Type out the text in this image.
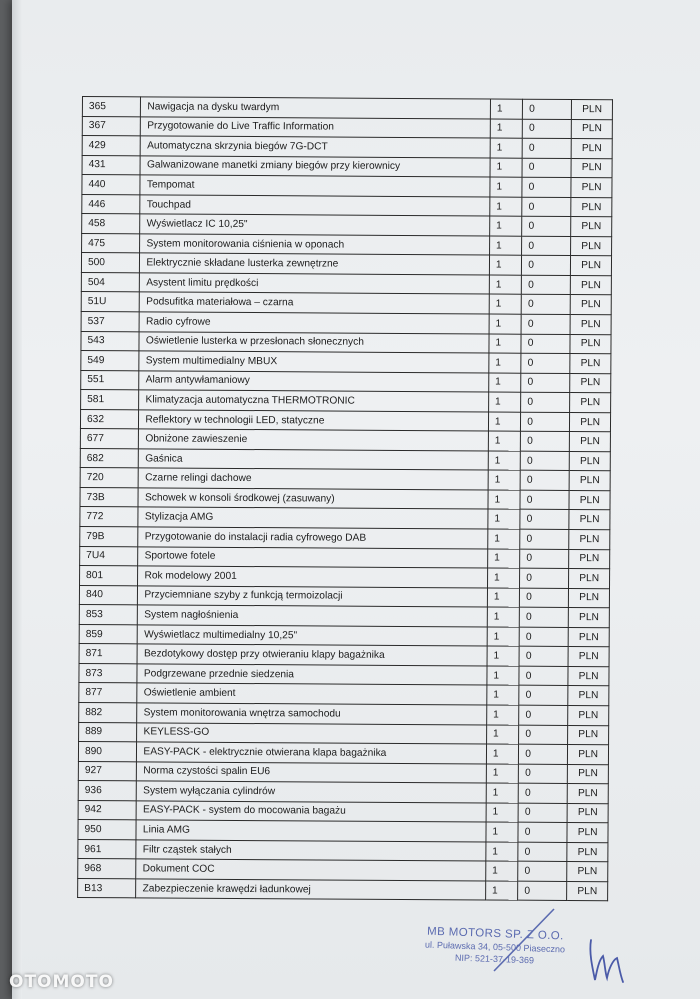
365	Nawigacja na dysku twardym	1	0	PLN
367	Przygotowanie do Live Traffic Information	1	0	PLN
429	Automatyczna skrzynia biegów 7G-DCT	1	0	PLN
431	Galwanizowane manetki zmiany biegów przy kierownicy	1	0	PLN
440	Tempomat	1	0	PLN
446	Touchpad	1	0	PLN
458	Wyświetlacz IC 10,25"	1	0	PLN
475	System monitorowania ciśnienia w oponach	1	0	PLN
500	Elektrycznie składane lusterka zewnętrzne	1	0	PLN
504	Asystent limitu prędkości	1	0	PLN
51U	Podsufitka materiałowa – czarna	1	0	PLN
537	Radio cyfrowe	1	0	PLN
543	Oświetlenie lusterka w przesłonach słonecznych	1	0	PLN
549	System multimedialny MBUX	1	0	PLN
551	Alarm antywłamaniowy	1	0	PLN
581	Klimatyzacja automatyczna THERMOTRONIC	1	0	PLN
632	Reflektory w technologii LED, statyczne	1	0	PLN
677	Obniżone zawieszenie	1	0	PLN
682	Gaśnica	1	0	PLN
720	Czarne relingi dachowe	1	0	PLN
73B	Schowek w konsoli środkowej (zasuwany)	1	0	PLN
772	Stylizacja AMG	1	0	PLN
79B	Przygotowanie do instalacji radia cyfrowego DAB	1	0	PLN
7U4	Sportowe fotele	1	0	PLN
801	Rok modelowy 2001	1	0	PLN
840	Przyciemniane szyby z funkcją termoizolacji	1	0	PLN
853	System nagłośnienia	1	0	PLN
859	Wyświetlacz multimedialny 10,25"	1	0	PLN
871	Bezdotykowy dostęp przy otwieraniu klapy bagażnika	1	0	PLN
873	Podgrzewane przednie siedzenia	1	0	PLN
877	Oświetlenie ambient	1	0	PLN
882	System monitorowania wnętrza samochodu	1	0	PLN
889	KEYLESS-GO	1	0	PLN
890	EASY-PACK - elektrycznie otwierana klapa bagażnika	1	0	PLN
927	Norma czystości spalin EU6	1	0	PLN
936	System wyłączania cylindrów	1	0	PLN
942	EASY-PACK - system do mocowania bagażu	1	0	PLN
950	Linia AMG	1	0	PLN
961	Filtr cząstek stałych	1	0	PLN
968	Dokument COC	1	0	PLN
B13	Zabezpieczenie krawędzi ładunkowej	1	0	PLN
MB MOTORS SP. Z O.O.
ul. Puławska 34, 05-500 Piaseczno
NIP: 521-37-19-369
OTOMOTO
